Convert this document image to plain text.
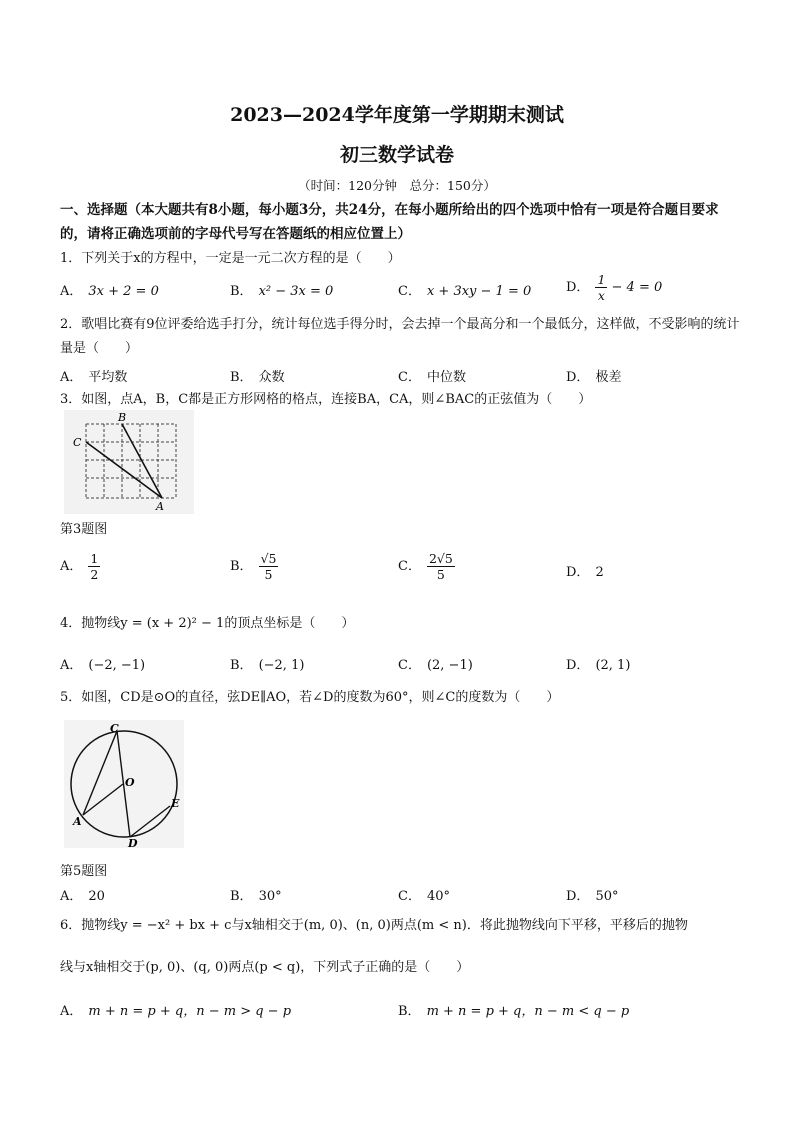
2023—2024学年度第一学期期末测试
初三数学试卷
（时间：120分钟　总分：150分）
一、选择题（本大题共有8小题，每小题3分，共24分，在每小题所给出的四个选项中恰有一项是符合题目要求的，请将正确选项前的字母代号写在答题纸的相应位置上）
1．下列关于x的方程中，一定是一元二次方程的是（　　）
A． 3x + 2 = 0	B． x² − 3x = 0	C． x + 3xy − 1 = 0	D． $\frac{1}{x} - 4 = 0$
2．歌唱比赛有9位评委给选手打分，统计每位选手得分时，会去掉一个最高分和一个最低分，这样做，不受影响的统计量是（　　）
A． 平均数	B． 众数	C． 中位数	D． 极差
3．如图，点A，B，C都是正方形网格的格点，连接BA，CA，则∠BAC的正弦值为（　　）
B
C
A
第3题图
A． $\frac{1}{2}$	B． $\frac{√5}{5}$	C． $\frac{2√5}{5}$	D． 2
4．抛物线y = (x + 2)² − 1的顶点坐标是（　　）
A． (−2, −1)	B． (−2, 1)	C． (2, −1)	D． (2, 1)
5．如图，CD是⊙O的直径，弦DE∥AO，若∠D的度数为60°，则∠C的度数为（　　）
C
O
A
D
E
第5题图
A． 20	B． 30°	C． 40°	D． 50°
6．抛物线y = −x² + bx + c与x轴相交于(m, 0)、(n, 0)两点(m < n)．将此抛物线向下平移，平移后的抛物
线与x轴相交于(p, 0)、(q, 0)两点(p < q)，下列式子正确的是（　　）
A． m + n = p + q，n − m > q − p	B． m + n = p + q，n − m < q − p
